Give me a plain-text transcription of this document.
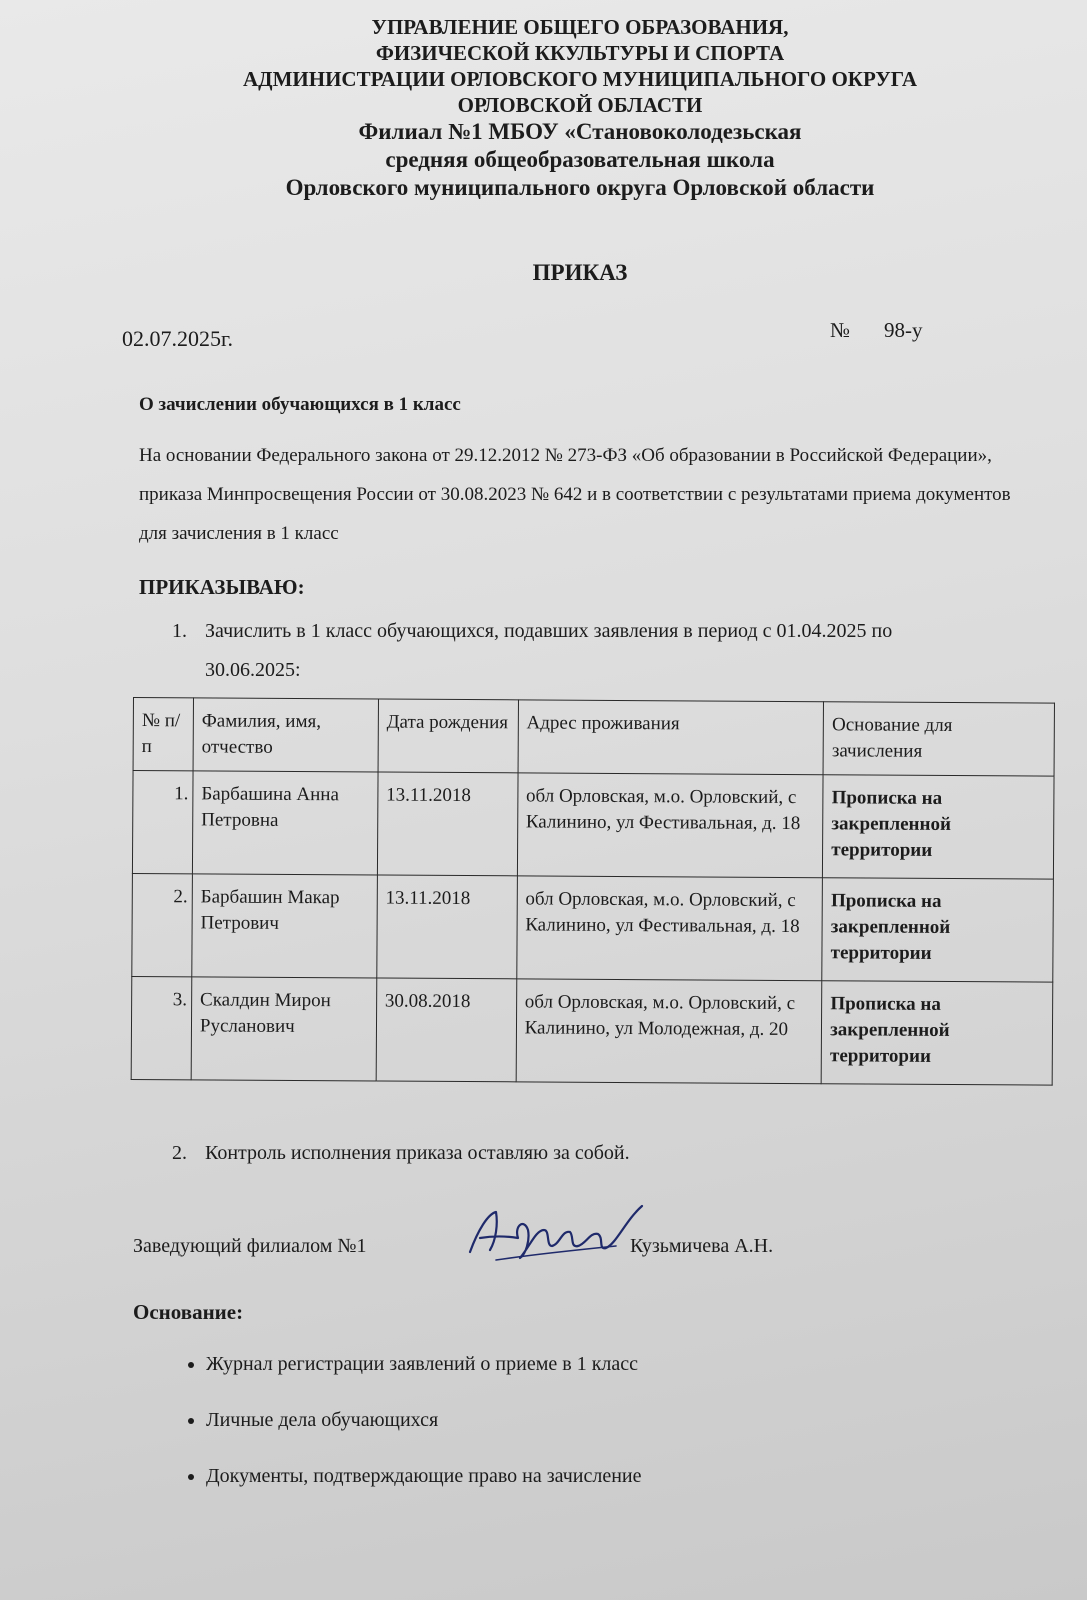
УПРАВЛЕНИЕ ОБЩЕГО ОБРАЗОВАНИЯ,
ФИЗИЧЕСКОЙ ККУЛЬТУРЫ И СПОРТА
АДМИНИСТРАЦИИ ОРЛОВСКОГО МУНИЦИПАЛЬНОГО ОКРУГА
ОРЛОВСКОЙ ОБЛАСТИ
Филиал №1 МБОУ «Становоколодезьская
средняя общеобразовательная школа
Орловского муниципального округа Орловской области
ПРИКАЗ
02.07.2025г.	№ 98-у
О зачислении обучающихся в 1 класс
На основании Федерального закона от 29.12.2012 № 273-ФЗ «Об образовании в Российской Федерации», приказа Минпросвещения России от 30.08.2023 № 642 и в соответствии с результатами приема документов для зачисления в 1 класс
ПРИКАЗЫВАЮ:
1. Зачислить в 1 класс обучающихся, подавших заявления в период с 01.04.2025 по
30.06.2025:
№ п/п	Фамилия, имя, отчество	Дата рождения	Адрес проживания	Основание для зачисления
1.	Барбашина Анна Петровна	13.11.2018	обл Орловская, м.о. Орловский, с Калинино, ул Фестивальная, д. 18	Прописка на закрепленной территории
2.	Барбашин Макар Петрович	13.11.2018	обл Орловская, м.о. Орловский, с Калинино, ул Фестивальная, д. 18	Прописка на закрепленной территории
3.	Скалдин Мирон Русланович	30.08.2018	обл Орловская, м.о. Орловский, с Калинино, ул Молодежная, д. 20	Прописка на закрепленной территории
2. Контроль исполнения приказа оставляю за собой.
Заведующий филиалом №1	Кузьмичева А.Н.
Основание:
• Журнал регистрации заявлений о приеме в 1 класс
• Личные дела обучающихся
• Документы, подтверждающие право на зачисление
